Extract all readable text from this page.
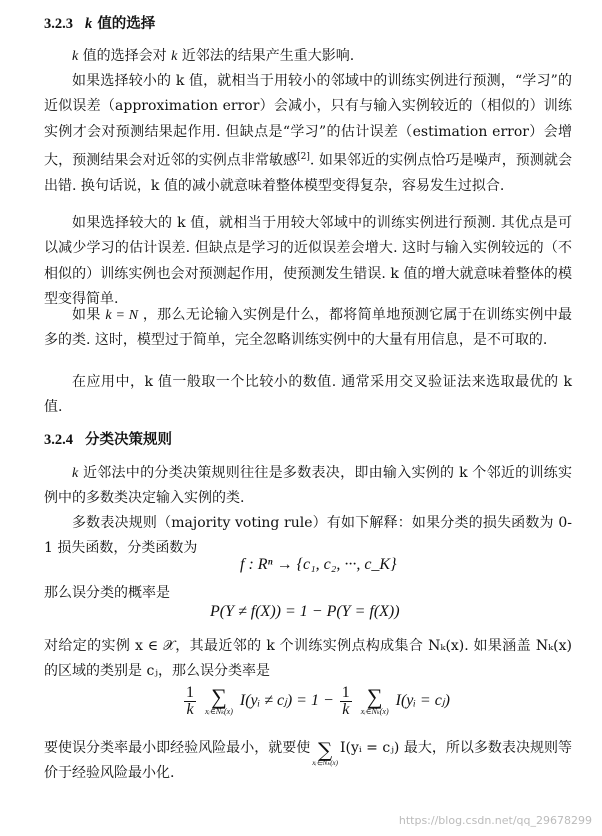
3.2.3 k 值的选择

k 值的选择会对 k 近邻法的结果产生重大影响.

如果选择较小的 k 值，就相当于用较小的邻域中的训练实例进行预测，“学习”的近似误差（approximation error）会减小，只有与输入实例较近的（相似的）训练实例才会对预测结果起作用. 但缺点是“学习”的估计误差（estimation error）会增大，预测结果会对近邻的实例点非常敏感[2]. 如果邻近的实例点恰巧是噪声，预测就会出错. 换句话说，k 值的减小就意味着整体模型变得复杂，容易发生过拟合.

如果选择较大的 k 值，就相当于用较大邻域中的训练实例进行预测. 其优点是可以减少学习的估计误差. 但缺点是学习的近似误差会增大. 这时与输入实例较远的（不相似的）训练实例也会对预测起作用，使预测发生错误. k 值的增大就意味着整体的模型变得简单.

如果 k = N ，那么无论输入实例是什么，都将简单地预测它属于在训练实例中最多的类. 这时，模型过于简单，完全忽略训练实例中的大量有用信息，是不可取的.

在应用中，k 值一般取一个比较小的数值. 通常采用交叉验证法来选取最优的 k 值.

3.2.4 分类决策规则

k 近邻法中的分类决策规则往往是多数表决，即由输入实例的 k 个邻近的训练实例中的多数类决定输入实例的类.

多数表决规则（majority voting rule）有如下解释：如果分类的损失函数为 0-1 损失函数，分类函数为

f : Rⁿ → {c₁, c₂, ···, c_K}

那么误分类的概率是

P(Y ≠ f(X)) = 1 − P(Y = f(X))

对给定的实例 x ∈ 𝒳，其最近邻的 k 个训练实例点构成集合 Nₖ(x). 如果涵盖 Nₖ(x) 的区域的类别是 cⱼ，那么误分类率是

$\frac{1}{k}$
∑
xᵢ∈Nₖ(x)
I(yᵢ ≠ cⱼ) = $1 - \frac{1}{k}$
∑
xᵢ∈Nₖ(x)
I(yᵢ = cⱼ)

要使误分类率最小即经验风险最小，就要使 ∑
xᵢ∈Nₖ(x)
I(yᵢ = cⱼ) 最大，所以多数表决规则等价于经验风险最小化.

https://blog.csdn.net/qq_29678299
